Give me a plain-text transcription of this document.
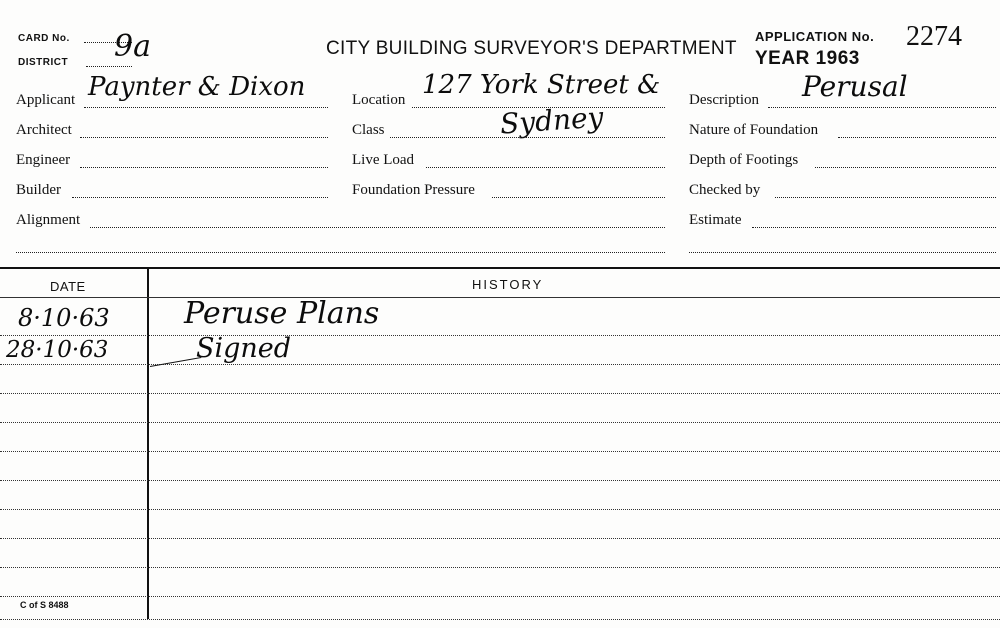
CARD No.
DISTRICT 9a	CITY BUILDING SURVEYOR'S DEPARTMENT
APPLICATION No. 2274
YEAR 1963
Applicant Paynter & Dixon
Architect
Engineer
Builder
Alignment
Location 127 York Street &
Sydney
Class
Live Load
Foundation Pressure
Description Perusal
Nature of Foundation
Depth of Footings
Checked by
Estimate
DATE	HISTORY
8·10·63 Peruse Plans
28·10·63	Signed
C of S 8488
